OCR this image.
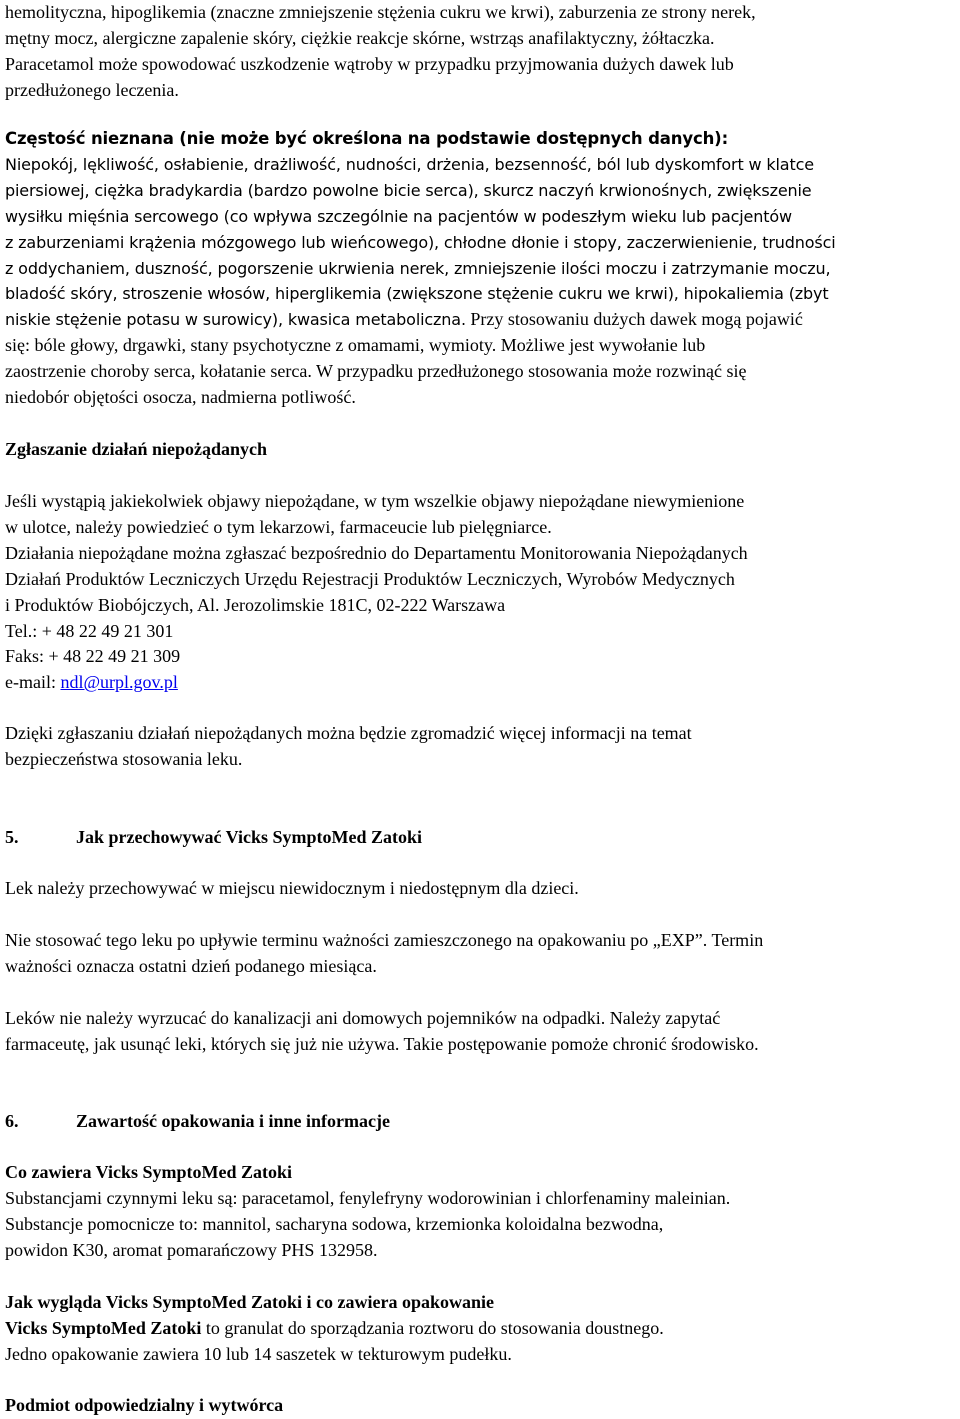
hemolityczna, hipoglikemia (znaczne zmniejszenie stężenia cukru we krwi), zaburzenia ze strony nerek,

mętny mocz, alergiczne zapalenie skóry, ciężkie reakcje skórne, wstrząs anafilaktyczny, żółtaczka.

Paracetamol może spowodować uszkodzenie wątroby w przypadku przyjmowania dużych dawek lub

przedłużonego leczenia.

Częstość nieznana (nie może być określona na podstawie dostępnych danych):

Niepokój, lękliwość, osłabienie, drażliwość, nudności, drżenia, bezsenność, ból lub dyskomfort w klatce

piersiowej, ciężka bradykardia (bardzo powolne bicie serca), skurcz naczyń krwionośnych, zwiększenie

wysiłku mięśnia sercowego (co wpływa szczególnie na pacjentów w podeszłym wieku lub pacjentów

z zaburzeniami krążenia mózgowego lub wieńcowego), chłodne dłonie i stopy, zaczerwienienie, trudności

z oddychaniem, duszność, pogorszenie ukrwienia nerek, zmniejszenie ilości moczu i zatrzymanie moczu,

bladość skóry, stroszenie włosów, hiperglikemia (zwiększone stężenie cukru we krwi), hipokaliemia (zbyt

niskie stężenie potasu w surowicy), kwasica metaboliczna. Przy stosowaniu dużych dawek mogą pojawić

się: bóle głowy, drgawki, stany psychotyczne z omamami, wymioty. Możliwe jest wywołanie lub

zaostrzenie choroby serca, kołatanie serca. W przypadku przedłużonego stosowania może rozwinąć się

niedobór objętości osocza, nadmierna potliwość.

Zgłaszanie działań niepożądanych

Jeśli wystąpią jakiekolwiek objawy niepożądane, w tym wszelkie objawy niepożądane niewymienione

w ulotce, należy powiedzieć o tym lekarzowi, farmaceucie lub pielęgniarce.

Działania niepożądane można zgłaszać bezpośrednio do Departamentu Monitorowania Niepożądanych

Działań Produktów Leczniczych Urzędu Rejestracji Produktów Leczniczych, Wyrobów Medycznych

i Produktów Biobójczych, Al. Jerozolimskie 181C, 02-222 Warszawa

Tel.: + 48 22 49 21 301

Faks: + 48 22 49 21 309

e-mail: ndl@urpl.gov.pl

Dzięki zgłaszaniu działań niepożądanych można będzie zgromadzić więcej informacji na temat

bezpieczeństwa stosowania leku.

5.	Jak przechowywać Vicks SymptoMed Zatoki

Lek należy przechowywać w miejscu niewidocznym i niedostępnym dla dzieci.

Nie stosować tego leku po upływie terminu ważności zamieszczonego na opakowaniu po „EXP”. Termin

ważności oznacza ostatni dzień podanego miesiąca.

Leków nie należy wyrzucać do kanalizacji ani domowych pojemników na odpadki. Należy zapytać

farmaceutę, jak usunąć leki, których się już nie używa. Takie postępowanie pomoże chronić środowisko.

6.	Zawartość opakowania i inne informacje

Co zawiera Vicks SymptoMed Zatoki

Substancjami czynnymi leku są: paracetamol, fenylefryny wodorowinian i chlorfenaminy maleinian.

Substancje pomocnicze to: mannitol, sacharyna sodowa, krzemionka koloidalna bezwodna,

powidon K30, aromat pomarańczowy PHS 132958.

Jak wygląda Vicks SymptoMed Zatoki i co zawiera opakowanie

Vicks SymptoMed Zatoki to granulat do sporządzania roztworu do stosowania doustnego.

Jedno opakowanie zawiera 10 lub 14 saszetek w tekturowym pudełku.

Podmiot odpowiedzialny i wytwórca
